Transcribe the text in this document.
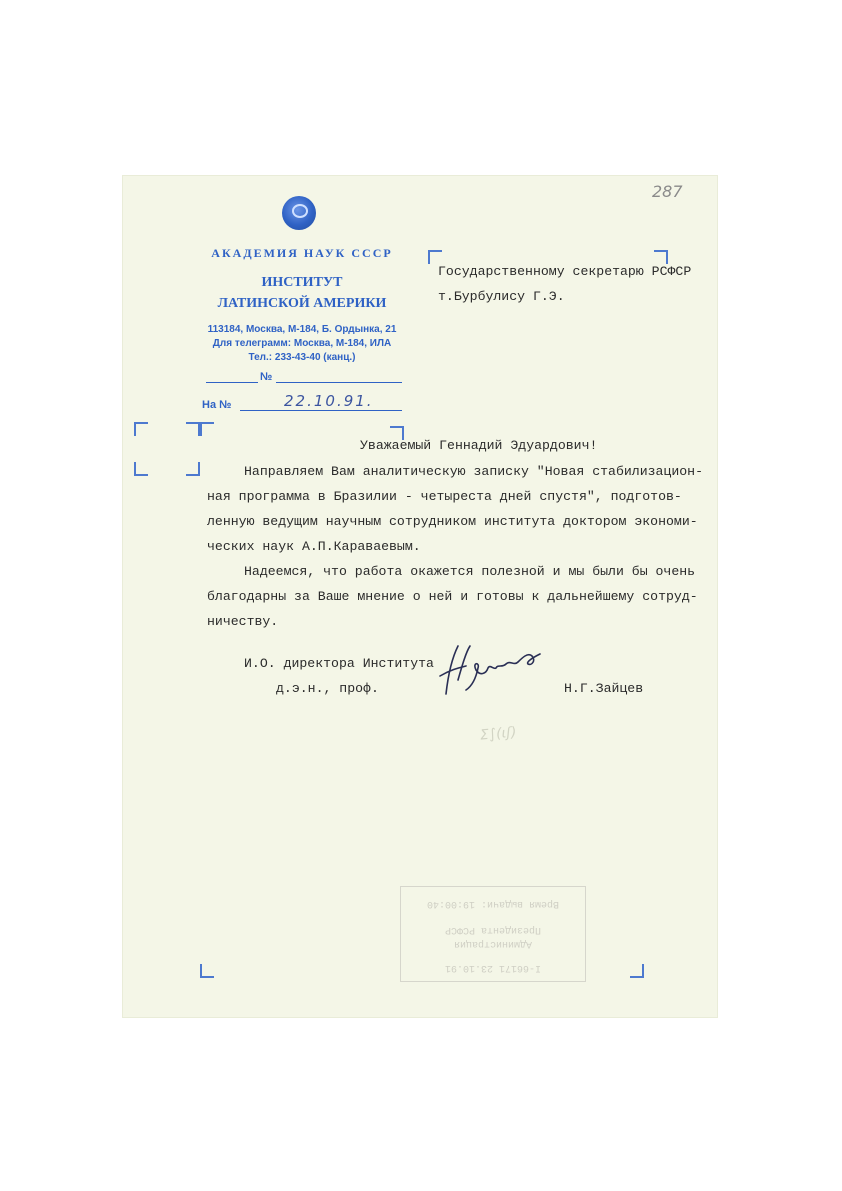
287
АКАДЕМИЯ НАУК СССР
ИНСТИТУТ
ЛАТИНСКОЙ АМЕРИКИ
113184, Москва, М-184, Б. Ордынка, 21
Для телеграмм: Москва, М-184, ИЛА
Тел.: 233-43-40 (канц.)
№
На №	22.10.91.
Государственному секретарю РСФСР
т.Бурбулису Г.Э.
Уважаемый Геннадий Эдуардович!
Направляем Вам аналитическую записку "Новая стабилизацион-
ная программа в Бразилии - четыреста дней спустя", подготов-
ленную ведущим научным сотрудником института доктором экономи-
ческих наук А.П.Караваевым.
Надеемся, что работа окажется полезной и мы были бы очень
благодарны за Ваше мнение о ней и готовы к дальнейшему сотруд-
ничеству.
И.О. директора Института
д.э.н., проф.	Н.Г.Зайцев
Σ∫(ιʃ)
I-66171 23.10.91
Администрация
Президента РСФСР
Время выдачи: 19:00:40
